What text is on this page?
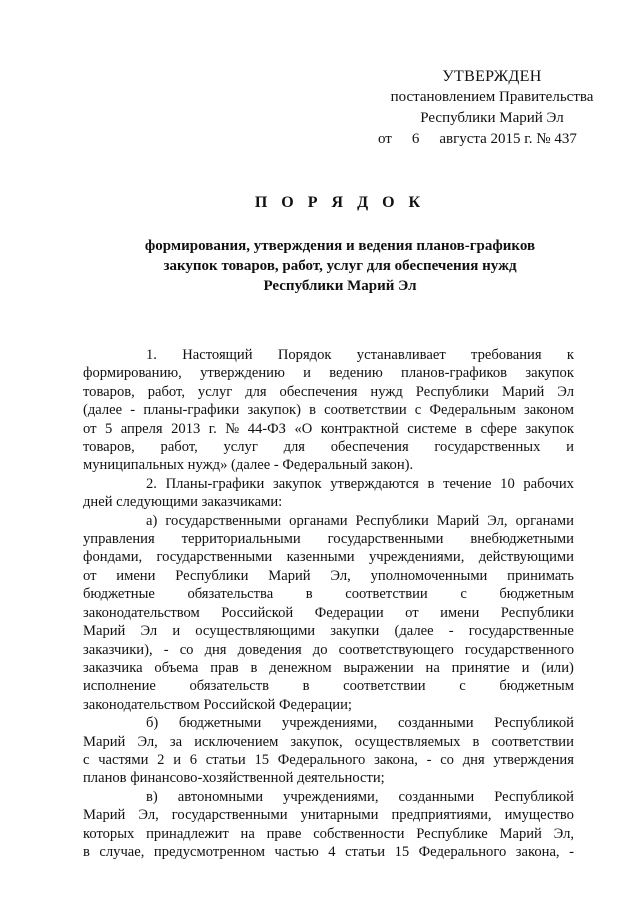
УТВЕРЖДЕН
постановлением Правительства
Республики Марий Эл
от	6	августа 2015 г. № 437
П О Р Я Д О К
формирования, утверждения и ведения планов-графиков
закупок товаров, работ, услуг для обеспечения нужд
Республики Марий Эл
1. Настоящий Порядок устанавливает требования к
формированию, утверждению и ведению планов-графиков закупок
товаров, работ, услуг для обеспечения нужд Республики Марий Эл
(далее - планы-графики закупок) в соответствии с Федеральным законом
от 5 апреля 2013 г. № 44-ФЗ «О контрактной системе в сфере закупок
товаров, работ, услуг для обеспечения государственных и
муниципальных нужд» (далее - Федеральный закон).
2. Планы-графики закупок утверждаются в течение 10 рабочих
дней следующими заказчиками:
а) государственными органами Республики Марий Эл, органами
управления территориальными государственными внебюджетными
фондами, государственными казенными учреждениями, действующими
от имени Республики Марий Эл, уполномоченными принимать
бюджетные обязательства в соответствии с бюджетным
законодательством Российской Федерации от имени Республики
Марий Эл и осуществляющими закупки (далее - государственные
заказчики), - со дня доведения до соответствующего государственного
заказчика объема прав в денежном выражении на принятие и (или)
исполнение обязательств в соответствии с бюджетным
законодательством Российской Федерации;
б) бюджетными учреждениями, созданными Республикой
Марий Эл, за исключением закупок, осуществляемых в соответствии
с частями 2 и 6 статьи 15 Федерального закона, - со дня утверждения
планов финансово-хозяйственной деятельности;
в) автономными учреждениями, созданными Республикой
Марий Эл, государственными унитарными предприятиями, имущество
которых принадлежит на праве собственности Республике Марий Эл,
в случае, предусмотренном частью 4 статьи 15 Федерального закона, -
